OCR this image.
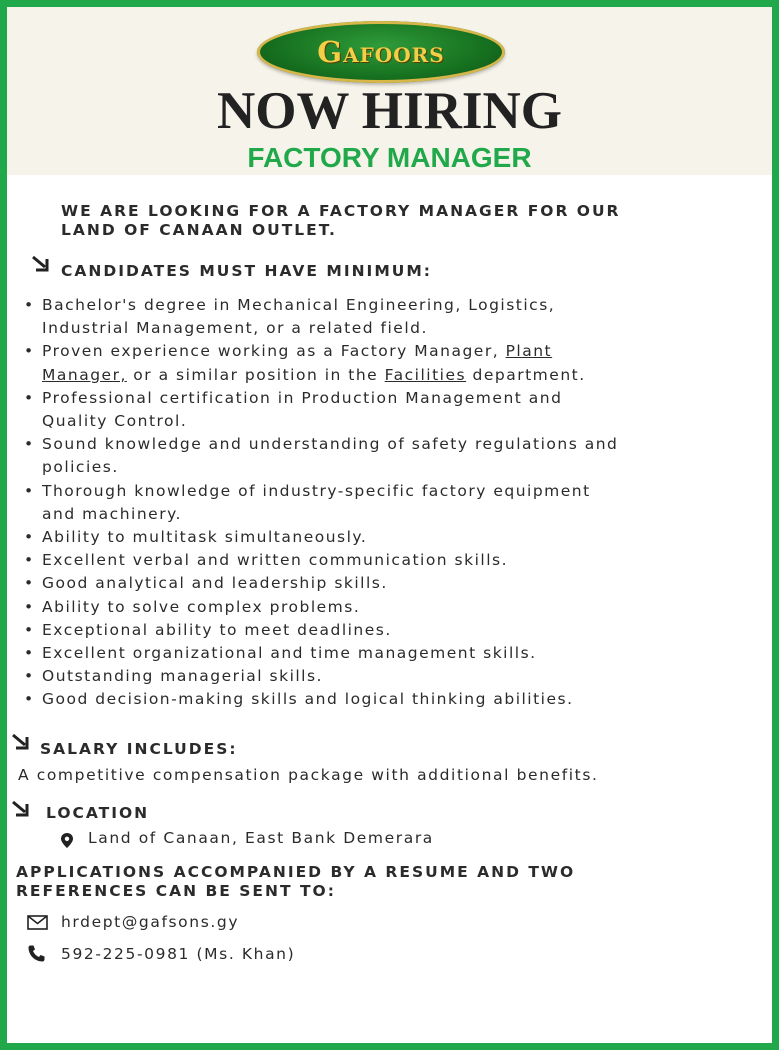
Gafoors
NOW HIRING
FACTORY MANAGER
WE ARE LOOKING FOR A FACTORY MANAGER FOR OUR
LAND OF CANAAN OUTLET.
CANDIDATES MUST HAVE MINIMUM:
• Bachelor's degree in Mechanical Engineering, Logistics,
Industrial Management, or a related field.
• Proven experience working as a Factory Manager, Plant
Manager, or a similar position in the Facilities department.
• Professional certification in Production Management and
Quality Control.
• Sound knowledge and understanding of safety regulations and
policies.
• Thorough knowledge of industry-specific factory equipment
and machinery.
• Ability to multitask simultaneously.
• Excellent verbal and written communication skills.
• Good analytical and leadership skills.
• Ability to solve complex problems.
• Exceptional ability to meet deadlines.
• Excellent organizational and time management skills.
• Outstanding managerial skills.
• Good decision-making skills and logical thinking abilities.
SALARY INCLUDES:
A competitive compensation package with additional benefits.
LOCATION
Land of Canaan, East Bank Demerara
APPLICATIONS ACCOMPANIED BY A RESUME AND TWO
REFERENCES CAN BE SENT TO:
hrdept@gafsons.gy
592-225-0981 (Ms. Khan)
